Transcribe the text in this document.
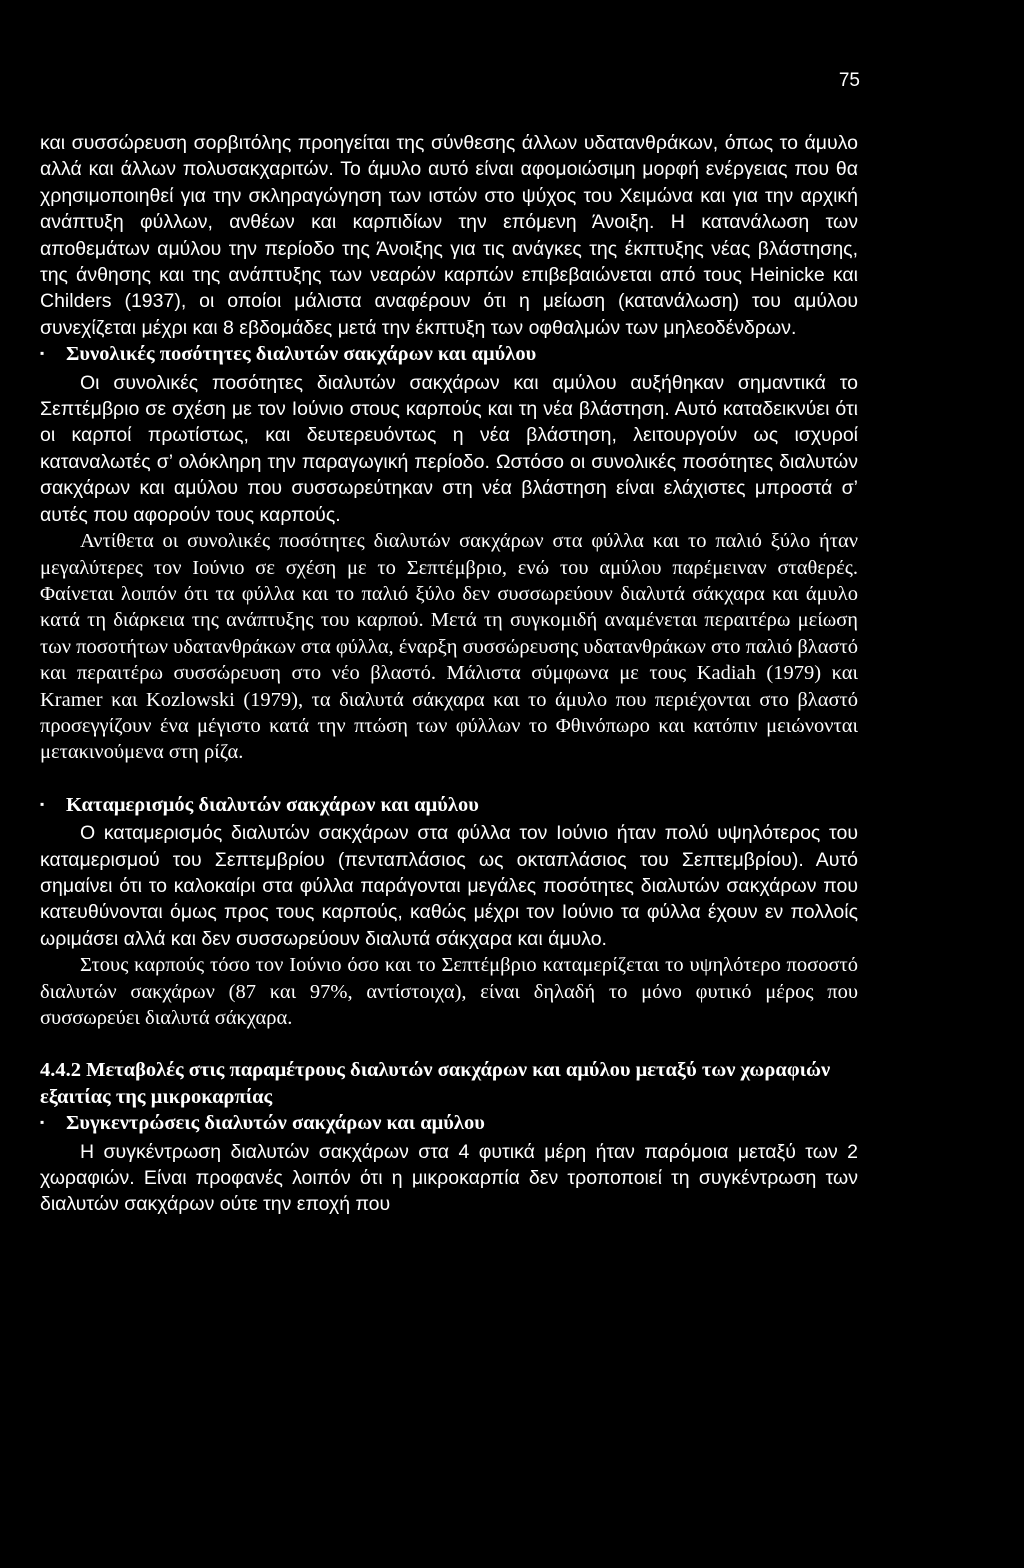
75

και συσσώρευση σορβιτόλης προηγείται της σύνθεσης άλλων υδατανθράκων, όπως το άμυλο αλλά και άλλων πολυσακχαριτών. Το άμυλο αυτό είναι αφομοιώσιμη μορφή ενέργειας που θα χρησιμοποιηθεί για την σκληραγώγηση των ιστών στο ψύχος του Χειμώνα και για την αρχική ανάπτυξη φύλλων, ανθέων και καρπιδίων την επόμενη Άνοιξη. Η κατανάλωση των αποθεμάτων αμύλου την περίοδο της Άνοιξης για τις ανάγκες της έκπτυξης νέας βλάστησης, της άνθησης και της ανάπτυξης των νεαρών καρπών επιβεβαιώνεται από τους Heinicke και Childers (1937), οι οποίοι μάλιστα αναφέρουν ότι η μείωση (κατανάλωση) του αμύλου συνεχίζεται μέχρι και 8 εβδομάδες μετά την έκπτυξη των οφθαλμών των μηλεοδένδρων.

▪	Συνολικές ποσότητες διαλυτών σακχάρων και αμύλου

Οι συνολικές ποσότητες διαλυτών σακχάρων και αμύλου αυξήθηκαν σημαντικά το Σεπτέμβριο σε σχέση με τον Ιούνιο στους καρπούς και τη νέα βλάστηση. Αυτό καταδεικνύει ότι οι καρποί πρωτίστως, και δευτερευόντως η νέα βλάστηση, λειτουργούν ως ισχυροί καταναλωτές σ’ ολόκληρη την παραγωγική περίοδο. Ωστόσο οι συνολικές ποσότητες διαλυτών σακχάρων και αμύλου που συσσωρεύτηκαν στη νέα βλάστηση είναι ελάχιστες μπροστά σ’ αυτές που αφορούν τους καρπούς.

Αντίθετα οι συνολικές ποσότητες διαλυτών σακχάρων στα φύλλα και το παλιό ξύλο ήταν μεγαλύτερες τον Ιούνιο σε σχέση με το Σεπτέμβριο, ενώ του αμύλου παρέμειναν σταθερές. Φαίνεται λοιπόν ότι τα φύλλα και το παλιό ξύλο δεν συσσωρεύουν διαλυτά σάκχαρα και άμυλο κατά τη διάρκεια της ανάπτυξης του καρπού. Μετά τη συγκομιδή αναμένεται περαιτέρω μείωση των ποσοτήτων υδατανθράκων στα φύλλα, έναρξη συσσώρευσης υδατανθράκων στο παλιό βλαστό και περαιτέρω συσσώρευση στο νέο βλαστό. Μάλιστα σύμφωνα με τους Kadiah (1979) και Kramer και Kozlowski (1979), τα διαλυτά σάκχαρα και το άμυλο που περιέχονται στο βλαστό προσεγγίζουν ένα μέγιστο κατά την πτώση των φύλλων το Φθινόπωρο και κατόπιν μειώνονται μετακινούμενα στη ρίζα.

▪	Καταμερισμός διαλυτών σακχάρων και αμύλου

Ο καταμερισμός διαλυτών σακχάρων στα φύλλα τον Ιούνιο ήταν πολύ υψηλότερος του καταμερισμού του Σεπτεμβρίου (πενταπλάσιος ως οκταπλάσιος του Σεπτεμβρίου). Αυτό σημαίνει ότι το καλοκαίρι στα φύλλα παράγονται μεγάλες ποσότητες διαλυτών σακχάρων που κατευθύνονται όμως προς τους καρπούς, καθώς μέχρι τον Ιούνιο τα φύλλα έχουν εν πολλοίς ωριμάσει αλλά και δεν συσσωρεύουν διαλυτά σάκχαρα και άμυλο.

Στους καρπούς τόσο τον Ιούνιο όσο και το Σεπτέμβριο καταμερίζεται το υψηλότερο ποσοστό διαλυτών σακχάρων (87 και 97%, αντίστοιχα), είναι δηλαδή το μόνο φυτικό μέρος που συσσωρεύει διαλυτά σάκχαρα.

4.4.2 Μεταβολές στις παραμέτρους διαλυτών σακχάρων και αμύλου μεταξύ των χωραφιών εξαιτίας της μικροκαρπίας
▪	Συγκεντρώσεις διαλυτών σακχάρων και αμύλου

Η συγκέντρωση διαλυτών σακχάρων στα 4 φυτικά μέρη ήταν παρόμοια μεταξύ των 2 χωραφιών. Είναι προφανές λοιπόν ότι η μικροκαρπία δεν τροποποιεί τη συγκέντρωση των διαλυτών σακχάρων ούτε την εποχή που
